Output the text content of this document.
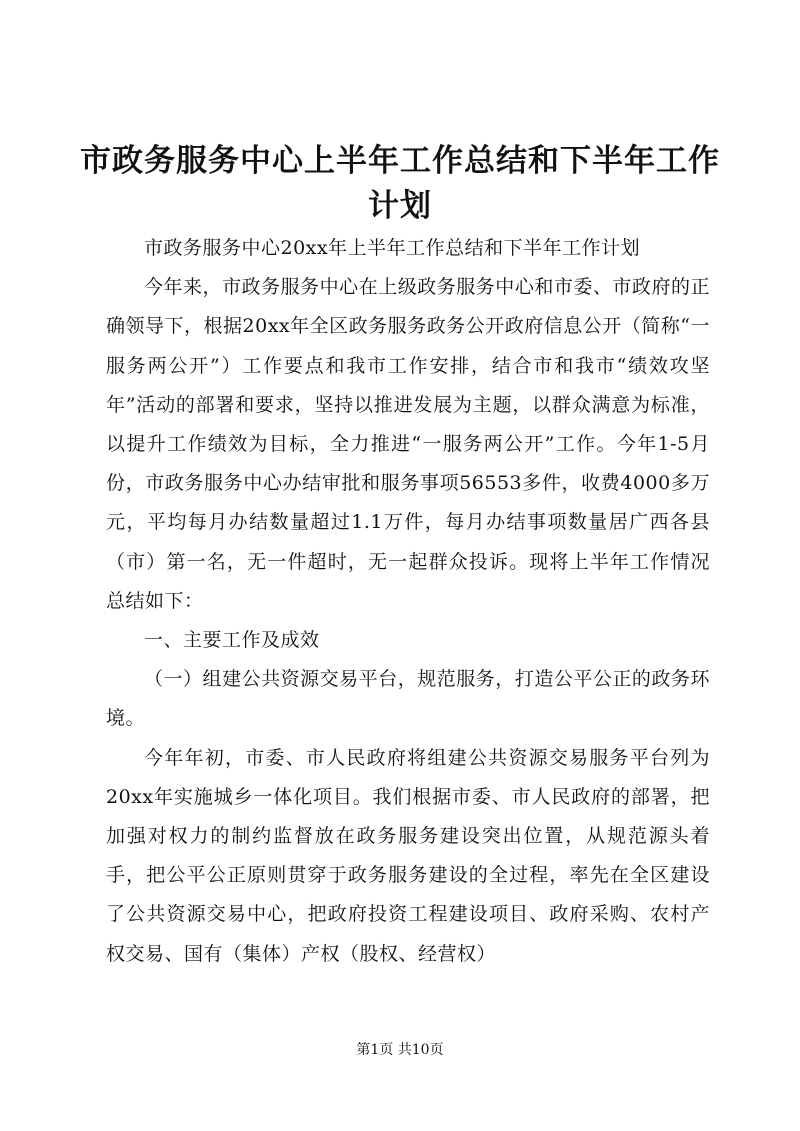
市政务服务中心上半年工作总结和下半年工作计划

市政务服务中心20xx年上半年工作总结和下半年工作计划

今年来，市政务服务中心在上级政务服务中心和市委、市政府的正确领导下，根据20xx年全区政务服务政务公开政府信息公开（简称“一服务两公开”）工作要点和我市工作安排，结合市和我市“绩效攻坚年”活动的部署和要求，坚持以推进发展为主题，以群众满意为标准，以提升工作绩效为目标，全力推进“一服务两公开”工作。今年1-5月份，市政务服务中心办结审批和服务事项56553多件，收费4000多万元，平均每月办结数量超过1.1万件，每月办结事项数量居广西各县（市）第一名，无一件超时，无一起群众投诉。现将上半年工作情况总结如下：

一、主要工作及成效

（一）组建公共资源交易平台，规范服务，打造公平公正的政务环境。

今年年初，市委、市人民政府将组建公共资源交易服务平台列为20xx年实施城乡一体化项目。我们根据市委、市人民政府的部署，把加强对权力的制约监督放在政务服务建设突出位置，从规范源头着手，把公平公正原则贯穿于政务服务建设的全过程，率先在全区建设了公共资源交易中心，把政府投资工程建设项目、政府采购、农村产权交易、国有（集体）产权（股权、经营权）

第1页 共10页
